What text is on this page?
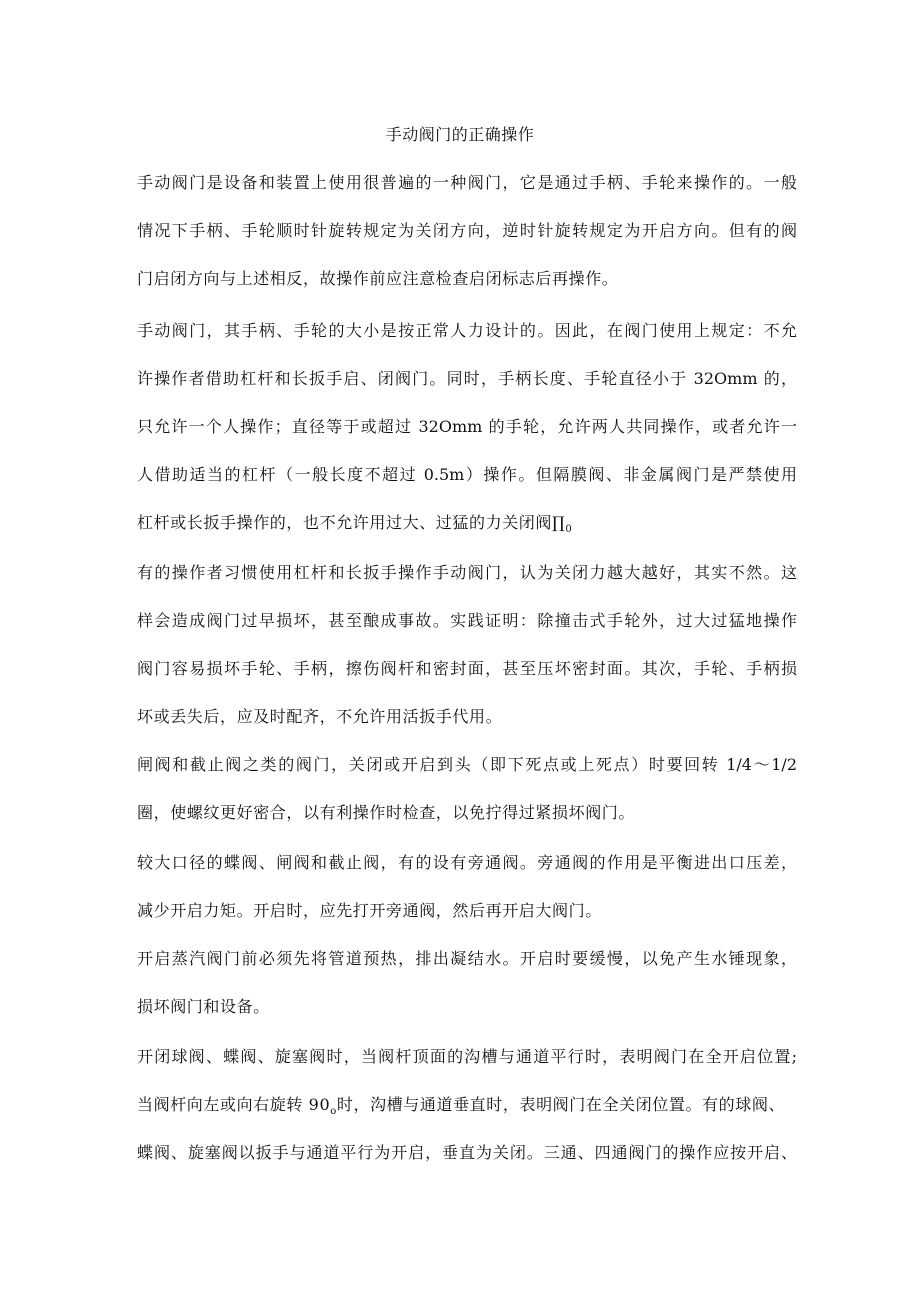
手动阀门的正确操作
手动阀门是设备和装置上使用很普遍的一种阀门，它是通过手柄、手轮来操作的。一般
情况下手柄、手轮顺时针旋转规定为关闭方向，逆时针旋转规定为开启方向。但有的阀
门启闭方向与上述相反，故操作前应注意检查启闭标志后再操作。
手动阀门，其手柄、手轮的大小是按正常人力设计的。因此，在阀门使用上规定：不允
许操作者借助杠杆和长扳手启、闭阀门。同时，手柄长度、手轮直径小于 32Omm 的，
只允许一个人操作；直径等于或超过 32Omm 的手轮，允许两人共同操作，或者允许一
人借助适当的杠杆（一般长度不超过 0.5m）操作。但隔膜阀、非金属阀门是严禁使用
杠杆或长扳手操作的，也不允许用过大、过猛的力关闭阀$\prod_0$
有的操作者习惯使用杠杆和长扳手操作手动阀门，认为关闭力越大越好，其实不然。这
样会造成阀门过早损坏，甚至酿成事故。实践证明：除撞击式手轮外，过大过猛地操作
阀门容易损坏手轮、手柄，擦伤阀杆和密封面，甚至压坏密封面。其次，手轮、手柄损
坏或丢失后，应及时配齐，不允许用活扳手代用。
闸阀和截止阀之类的阀门，关闭或开启到头（即下死点或上死点）时要回转 1/4～1/2
圈，使螺纹更好密合，以有利操作时检查，以免拧得过紧损坏阀门。
较大口径的蝶阀、闸阀和截止阀，有的设有旁通阀。旁通阀的作用是平衡进出口压差，
减少开启力矩。开启时，应先打开旁通阀，然后再开启大阀门。
开启蒸汽阀门前必须先将管道预热，排出凝结水。开启时要缓慢，以免产生水锤现象，
损坏阀门和设备。
开闭球阀、蝶阀、旋塞阀时，当阀杆顶面的沟槽与通道平行时，表明阀门在全开启位置;
当阀杆向左或向右旋转 $90_o$时，沟槽与通道垂直时，表明阀门在全关闭位置。有的球阀、
蝶阀、旋塞阀以扳手与通道平行为开启，垂直为关闭。三通、四通阀门的操作应按开启、
